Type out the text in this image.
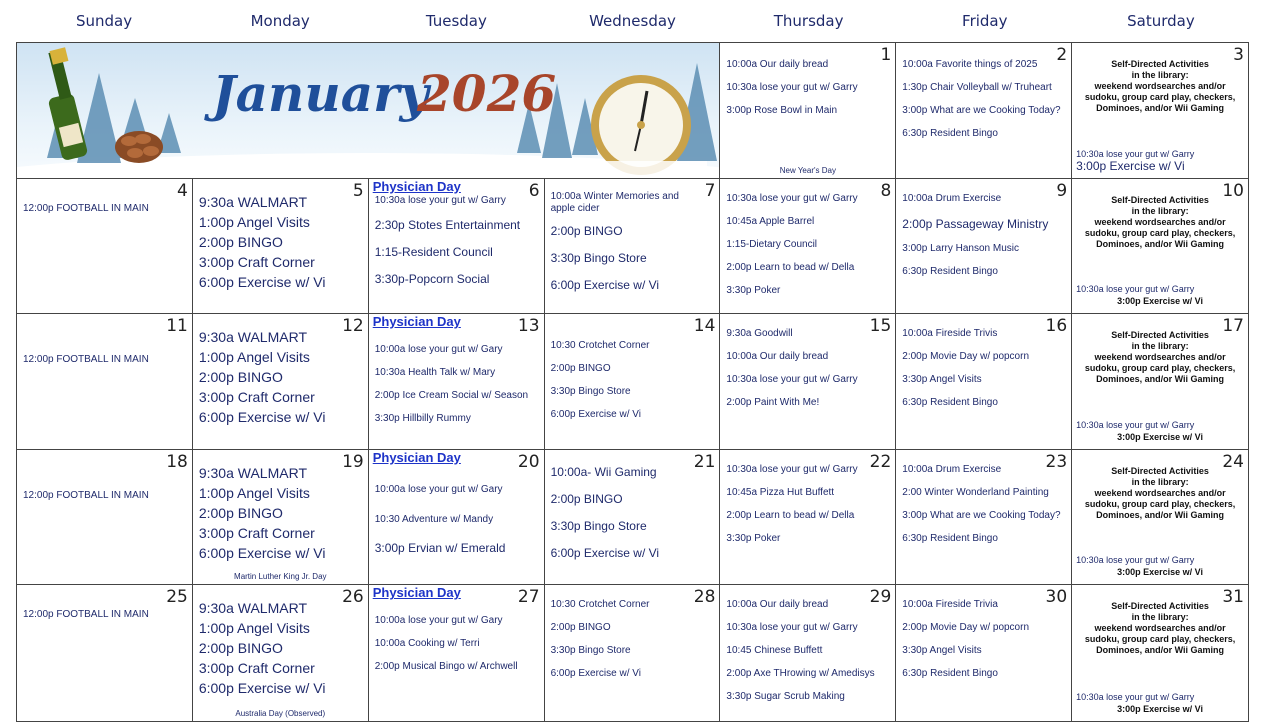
Sunday	Monday	Tuesday	Wednesday	Thursday	Friday	Saturday
January
2026
1
10:00a Our daily bread
10:30a lose your gut w/ Garry
3:00p Rose Bowl in Main
New Year's Day
2
10:00a Favorite things of 2025
1:30p Chair Volleyball w/ Truheart
3:00p What are we Cooking Today?
6:30p Resident Bingo
3
Self-Directed Activities
in the library:
weekend wordsearches and/or sudoku, group card play, checkers, Dominoes, and/or Wii Gaming
10:30a lose your gut w/ Garry
3:00p Exercise w/ Vi
4
12:00p FOOTBALL IN MAIN
5
9:30a WALMART
1:00p Angel Visits
2:00p BINGO
3:00p Craft Corner
6:00p Exercise w/ Vi
Physician Day	6
10:30a lose your gut w/ Garry
2:30p Stotes Entertainment
1:15-Resident Council
3:30p-Popcorn Social
7
10:00a Winter Memories and apple cider
2:00p BINGO
3:30p Bingo Store
6:00p Exercise w/ Vi
8
10:30a lose your gut w/ Garry
10:45a Apple Barrel
1:15-Dietary Council
2:00p Learn to bead w/ Della
3:30p Poker
9
10:00a Drum Exercise
2:00p Passageway Ministry
3:00p Larry Hanson Music
6:30p Resident Bingo
10
Self-Directed Activities
in the library:
weekend wordsearches and/or sudoku, group card play, checkers, Dominoes, and/or Wii Gaming
10:30a lose your gut w/ Garry
3:00p Exercise w/ Vi
11
12:00p FOOTBALL IN MAIN
12
9:30a WALMART
1:00p Angel Visits
2:00p BINGO
3:00p Craft Corner
6:00p Exercise w/ Vi
Physician Day	13
10:00a lose your gut w/ Gary
10:30a Health Talk w/ Mary
2:00p Ice Cream Social w/ Season
3:30p Hillbilly Rummy
14
10:30 Crotchet Corner
2:00p BINGO
3:30p Bingo Store
6:00p Exercise w/ Vi
15
9:30a Goodwill
10:00a Our daily bread
10:30a lose your gut w/ Garry
2:00p Paint With Me!
16
10:00a Fireside Trivis
2:00p Movie Day w/ popcorn
3:30p Angel Visits
6:30p Resident Bingo
17
Self-Directed Activities
in the library:
weekend wordsearches and/or sudoku, group card play, checkers, Dominoes, and/or Wii Gaming
10:30a lose your gut w/ Garry
3:00p Exercise w/ Vi
18
12:00p FOOTBALL IN MAIN
19
9:30a WALMART
1:00p Angel Visits
2:00p BINGO
3:00p Craft Corner
6:00p Exercise w/ Vi
Martin Luther King Jr. Day
Physician Day	20
10:00a lose your gut w/ Gary
10:30 Adventure w/ Mandy
3:00p Ervian w/ Emerald
21
10:00a- Wii Gaming
2:00p BINGO
3:30p Bingo Store
6:00p Exercise w/ Vi
22
10:30a lose your gut w/ Garry
10:45a Pizza Hut Buffett
2:00p Learn to bead w/ Della
3:30p Poker
23
10:00a Drum Exercise
2:00 Winter Wonderland Painting
3:00p What are we Cooking Today?
6:30p Resident Bingo
24
Self-Directed Activities
in the library:
weekend wordsearches and/or sudoku, group card play, checkers, Dominoes, and/or Wii Gaming
10:30a lose your gut w/ Garry
3:00p Exercise w/ Vi
25
12:00p FOOTBALL IN MAIN
26
9:30a WALMART
1:00p Angel Visits
2:00p BINGO
3:00p Craft Corner
6:00p Exercise w/ Vi
Australia Day (Observed)
Physician Day	27
10:00a lose your gut w/ Gary
10:00a Cooking w/ Terri
2:00p Musical Bingo w/ Archwell
28
10:30 Crotchet Corner
2:00p BINGO
3:30p Bingo Store
6:00p Exercise w/ Vi
29
10:00a Our daily bread
10:30a lose your gut w/ Garry
10:45 Chinese Buffett
2:00p Axe THrowing w/ Amedisys
3:30p Sugar Scrub Making
30
10:00a Fireside Trivia
2:00p Movie Day w/ popcorn
3:30p Angel Visits
6:30p Resident Bingo
31
Self-Directed Activities
in the library:
weekend wordsearches and/or sudoku, group card play, checkers, Dominoes, and/or Wii Gaming
10:30a lose your gut w/ Garry
3:00p Exercise w/ Vi
